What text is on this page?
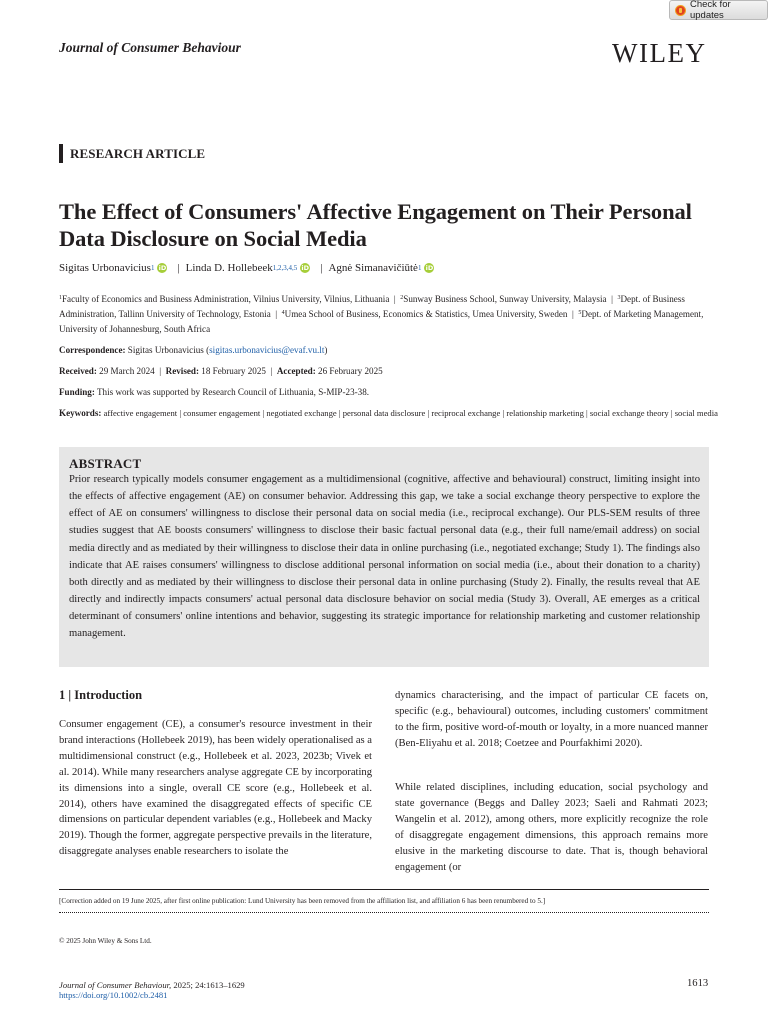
Check for updates
Journal of Consumer Behaviour	WILEY
RESEARCH ARTICLE
The Effect of Consumers' Affective Engagement on Their Personal Data Disclosure on Social Media
Sigitas Urbonavicius 1 iD | Linda D. Hollebeek 1,2,3,4,5 iD | Agnė Simanavičiūtė 1 iD
$^1$Faculty of Economics and Business Administration, Vilnius University, Vilnius, Lithuania  |  $^2$Sunway Business School, Sunway University, Malaysia  |  $^3$Dept. of Business Administration, Tallinn University of Technology, Estonia  |  $^4$Umea School of Business, Economics & Statistics, Umea University, Sweden  |  $^5$Dept. of Marketing Management, University of Johannesburg, South Africa
Correspondence: Sigitas Urbonavicius (sigitas.urbonavicius@evaf.vu.lt)
Received: 29 March 2024  |  Revised: 18 February 2025  |  Accepted: 26 February 2025
Funding: This work was supported by Research Council of Lithuania, S-MIP-23-38.
Keywords: affective engagement | consumer engagement | negotiated exchange | personal data disclosure | reciprocal exchange | relationship marketing | social exchange theory | social media
ABSTRACT
Prior research typically models consumer engagement as a multidimensional (cognitive, affective and behavioural) construct, limiting insight into the effects of affective engagement (AE) on consumer behavior. Addressing this gap, we take a social exchange theory perspective to explore the effect of AE on consumers' willingness to disclose their personal data on social media (i.e., reciprocal exchange). Our PLS-SEM results of three studies suggest that AE boosts consumers' willingness to disclose their basic factual personal data (e.g., their full name/email address) on social media directly and as mediated by their willingness to disclose their data in online purchasing (i.e., negotiated exchange; Study 1). The findings also indicate that AE raises consumers' willingness to disclose additional personal information on social media (i.e., about their donation to a charity) both directly and as mediated by their willingness to disclose their personal data in online purchasing (Study 2). Finally, the results reveal that AE directly and indirectly impacts consumers' actual personal data disclosure behavior on social media (Study 3). Overall, AE emerges as a critical determinant of consumers' online intentions and behavior, suggesting its strategic importance for relationship marketing and customer relationship management.
1 | Introduction
Consumer engagement (CE), a consumer's resource investment in their brand interactions (Hollebeek 2019), has been widely operationalised as a multidimensional construct (e.g., Hollebeek et al. 2023, 2023b; Vivek et al. 2014). While many researchers analyse aggregate CE by incorporating its dimensions into a single, overall CE score (e.g., Hollebeek et al. 2014), others have examined the disaggregated effects of specific CE dimensions on particular dependent variables (e.g., Hollebeek and Macky 2019). Though the former, aggregate perspective prevails in the literature, disaggregate analyses enable researchers to isolate the
dynamics characterising, and the impact of particular CE facets on, specific (e.g., behavioural) outcomes, including customers' commitment to the firm, positive word-of-mouth or loyalty, in a more nuanced manner (Ben-Eliyahu et al. 2018; Coetzee and Pourfakhimi 2020).
While related disciplines, including education, social psychology and state governance (Beggs and Dalley 2023; Saeli and Rahmati 2023; Wangelin et al. 2012), among others, more explicitly recognize the role of disaggregate engagement dimensions, this approach remains more elusive in the marketing discourse to date. That is, though behavioral engagement (or
[Correction added on 19 June 2025, after first online publication: Lund University has been removed from the affiliation list, and affiliation 6 has been renumbered to 5.]
© 2025 John Wiley & Sons Ltd.
Journal of Consumer Behaviour, 2025; 24:1613–1629
https://doi.org/10.1002/cb.2481
1613
